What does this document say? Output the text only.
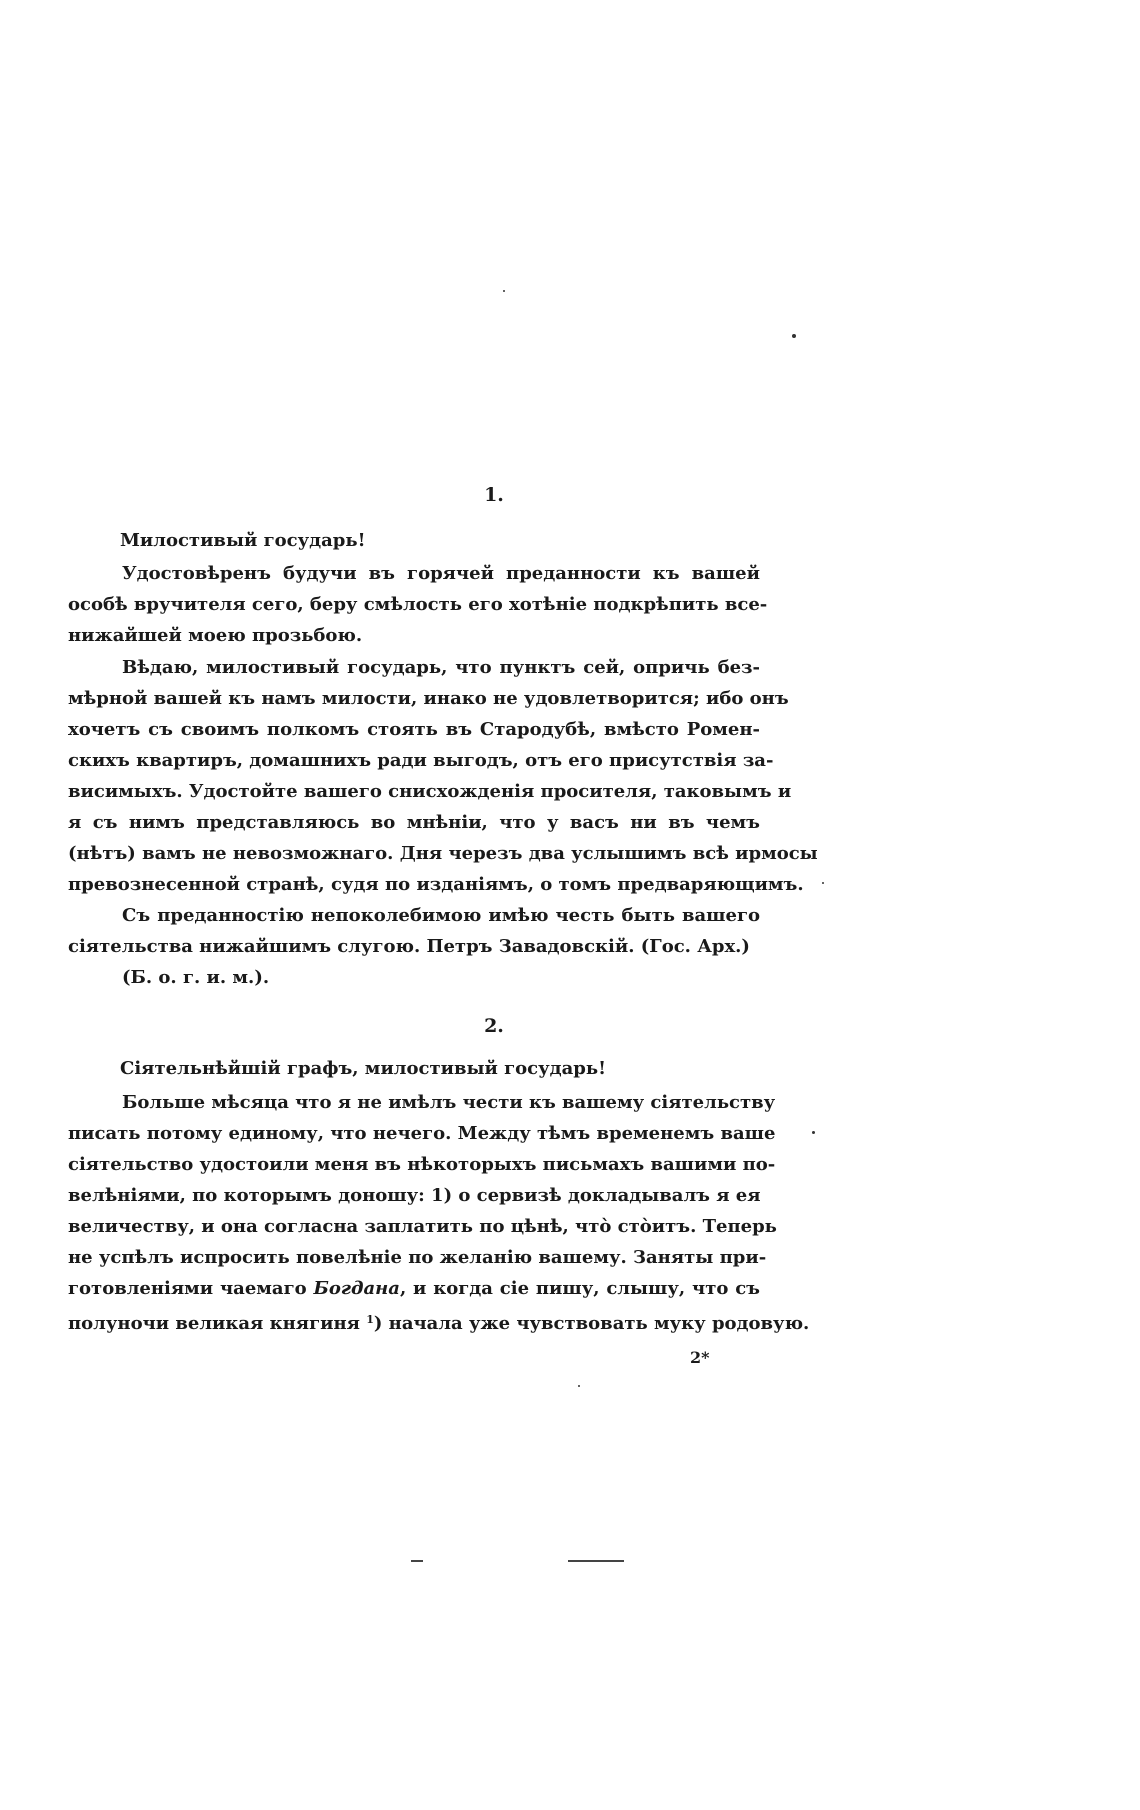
1.

Милостивый государь!

Удостовѣренъ будучи въ горячей преданности къ вашей

особѣ вручителя сего, беру смѣлость его хотѣніе подкрѣпить все-

нижайшей моею прозьбою.

Вѣдаю, милостивый государь, что пунктъ сей, опричь без-

мѣрной вашей къ намъ милости, инако не удовлетворится; ибо онъ

хочетъ съ своимъ полкомъ стоять въ Стародубѣ, вмѣсто Ромен-

скихъ квартиръ, домашнихъ ради выгодъ, отъ его присутствія за-

висимыхъ. Удостойте вашего снисхожденія просителя, таковымъ и

я съ нимъ представляюсь во мнѣніи, что у васъ ни въ чемъ

(нѣтъ) вамъ не невозможнаго. Дня черезъ два услышимъ всѣ ирмосы

превознесенной странѣ, судя по изданіямъ, о томъ предваряющимъ.

Съ преданностію непоколебимою имѣю честь быть вашего

сіятельства нижайшимъ слугою. Петръ Завадовскій. (Гос. Арх.)

(Б. о. г. и. м.).

2.

Сіятельнѣйшій графъ, милостивый государь!

Больше мѣсяца что я не имѣлъ чести къ вашему сіятельству

писать потому единому, что нечего. Между тѣмъ временемъ ваше

сіятельство удостоили меня въ нѣкоторыхъ письмахъ вашими по-

велѣніями, по которымъ доношу: 1) о сервизѣ докладывалъ я ея

величеству, и она согласна заплатить по цѣнѣ, чтò стòитъ. Теперь

не успѣлъ испросить повелѣніе по желанію вашему. Заняты при-

готовленіями чаемаго Богдана, и когда сіе пишу, слышу, что съ

полуночи великая княгиня $^1$) начала уже чувствовать муку родовую.

2*
